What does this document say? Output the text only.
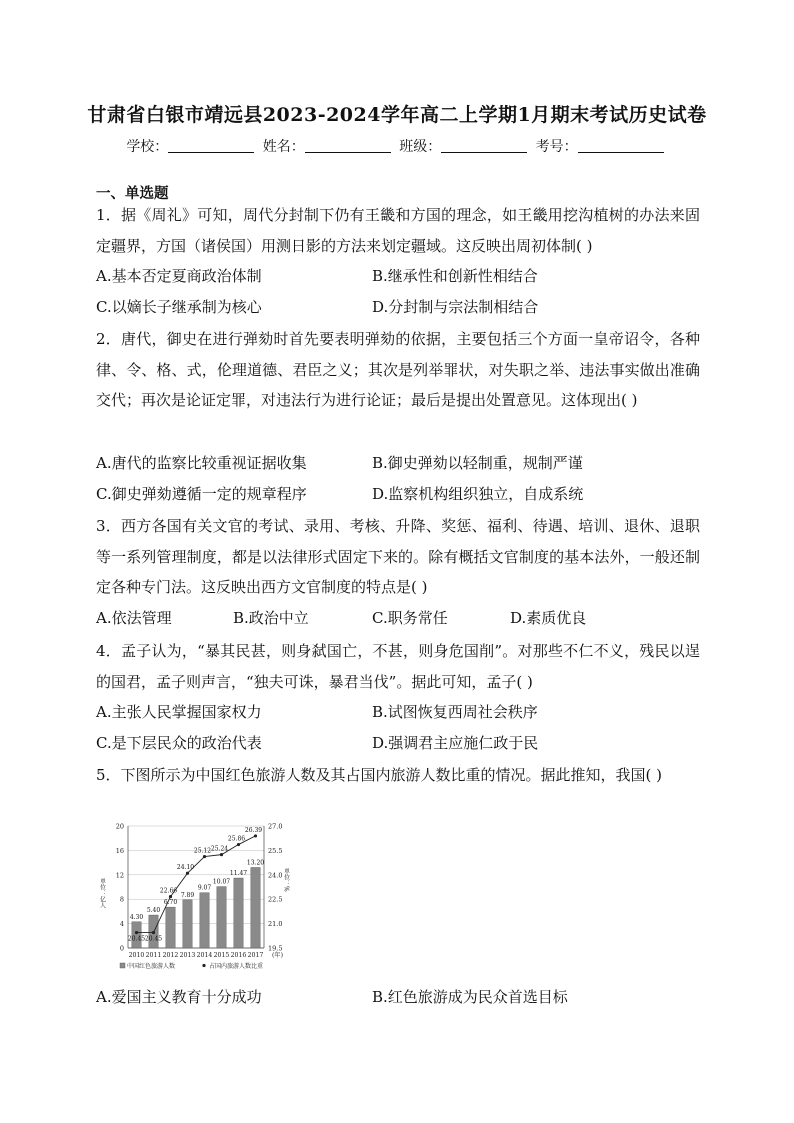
甘肃省白银市靖远县2023-2024学年高二上学期1月期末考试历史试卷
学校：	姓名：	班级：	考号：
一、单选题
1．据《周礼》可知，周代分封制下仍有王畿和方国的理念，如王畿用挖沟植树的办法来固定疆界，方国（诸侯国）用测日影的方法来划定疆域。这反映出周初体制( )
A.基本否定夏商政治体制	B.继承性和创新性相结合
C.以嫡长子继承制为核心	D.分封制与宗法制相结合
2．唐代，御史在进行弹劾时首先要表明弹劾的依据，主要包括三个方面一皇帝诏令，各种律、令、格、式，伦理道德、君臣之义；其次是列举罪状，对失职之举、违法事实做出准确交代；再次是论证定罪，对违法行为进行论证；最后是提出处置意见。这体现出( )
A.唐代的监察比较重视证据收集	B.御史弹劾以轻制重，规制严谨
C.御史弹劾遵循一定的规章程序	D.监察机构组织独立，自成系统
3．西方各国有关文官的考试、录用、考核、升降、奖惩、福利、待遇、培训、退休、退职等一系列管理制度，都是以法律形式固定下来的。除有概括文官制度的基本法外，一般还制定各种专门法。这反映出西方文官制度的特点是( )
A.依法管理	B.政治中立	C.职务常任	D.素质优良
4．孟子认为，“暴其民甚，则身弑国亡，不甚，则身危国削”。对那些不仁不义，残民以逞的国君，孟子则声言，“独夫可诛，暴君当伐”。据此可知，孟子( )
A.主张人民掌握国家权力	B.试图恢复西周社会秩序
C.是下层民众的政治代表	D.强调君主应施仁政于民
5．下图所示为中国红色旅游人数及其占国内旅游人数比重的情况。据此推知，我国( )
0
4
8
12
16
20
19.5
21.0
22.5
24.0
25.5
27.0
单位：亿人	单位：%
4.30
5.40
6.70
7.89
9.07
10.07
11.47
13.20
20.45 20.45
22.66
24.10
25.12 25.24
25.86
26.39
2010 2011 2012 2013 2014 2015 2016 2017 (年)
中国红色旅游人数	占国内旅游人数比重
A.爱国主义教育十分成功	B.红色旅游成为民众首选目标
